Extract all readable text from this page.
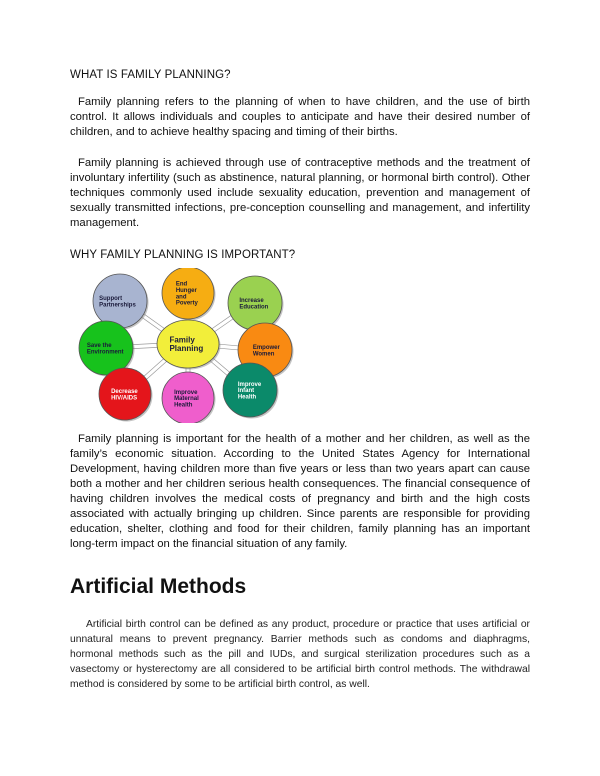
WHAT IS FAMILY PLANNING?

Family planning refers to the planning of when to have children, and the use of birth control. It allows individuals and couples to anticipate and have their desired number of children, and to achieve healthy spacing and timing of their births.

Family planning is achieved through use of contraceptive methods and the treatment of involuntary infertility (such as abstinence, natural planning, or hormonal birth control). Other techniques commonly used include sexuality education, prevention and management of sexually transmitted infections, pre-conception counselling and management, and infertility management.

WHY FAMILY PLANNING IS IMPORTANT?
Support Partnerships
End Hunger and Poverty	Increase Education
Save the Environment
Empower Women
Decrease HIV/AIDS
Improve Maternal Health
Improve Infant Health
Family Planning

Family planning is important for the health of a mother and her children, as well as the family’s economic situation. According to the United States Agency for International Development, having children more than five years or less than two years apart can cause both a mother and her children serious health consequences. The financial consequence of having children involves the medical costs of pregnancy and birth and the high costs associated with actually bringing up children. Since parents are responsible for providing education, shelter, clothing and food for their children, family planning has an important long-term impact on the financial situation of any family.

Artificial Methods

Artificial birth control can be defined as any product, procedure or practice that uses artificial or unnatural means to prevent pregnancy. Barrier methods such as condoms and diaphragms, hormonal methods such as the pill and IUDs, and surgical sterilization procedures such as a vasectomy or hysterectomy are all considered to be artificial birth control methods. The withdrawal method is considered by some to be artificial birth control, as well.
